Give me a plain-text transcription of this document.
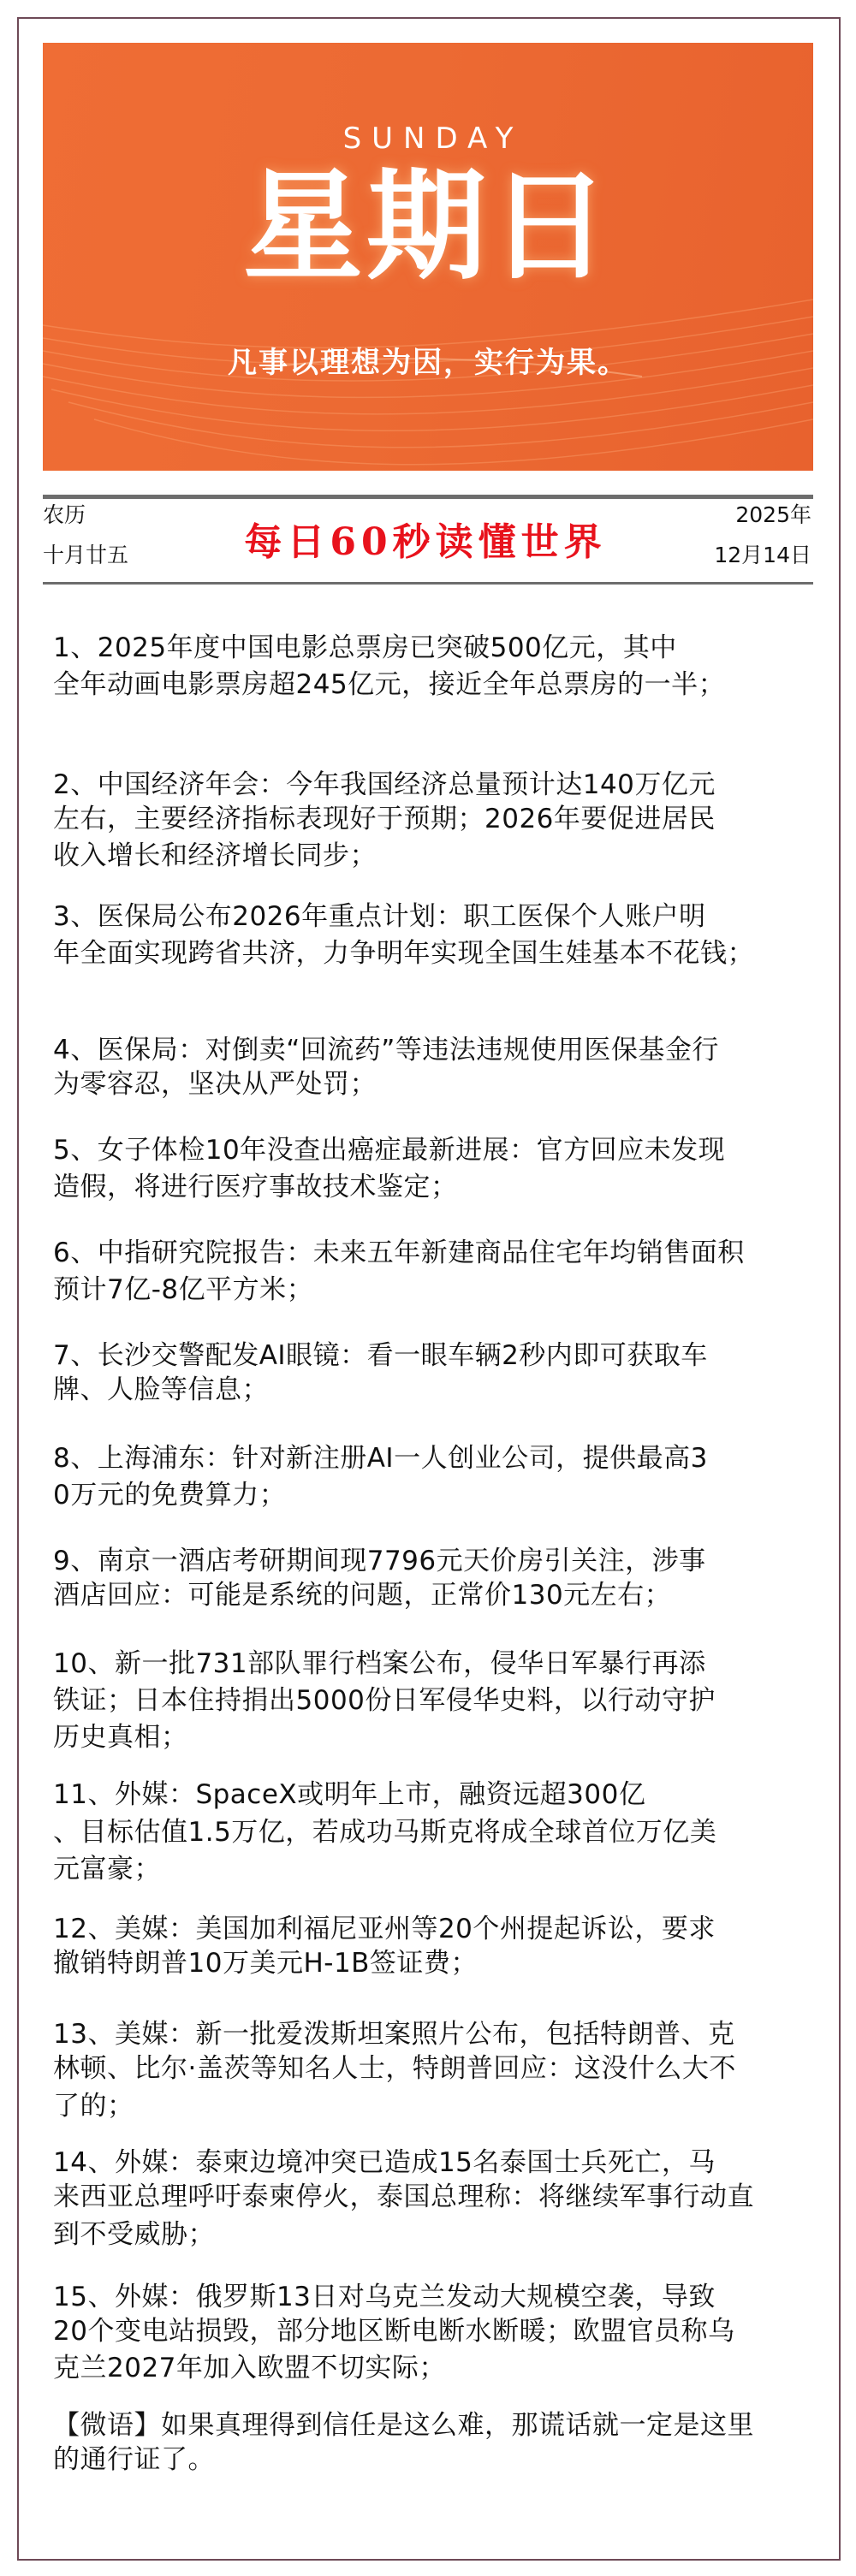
SUNDAY
星期日
凡事以理想为因，实行为果。
农历
十月廿五	每日60秒读懂世界
2025年
12月14日
1、2025年度中国电影总票房已突破500亿元，其中
全年动画电影票房超245亿元，接近全年总票房的一半；
2、中国经济年会：今年我国经济总量预计达140万亿元
左右，主要经济指标表现好于预期；2026年要促进居民
收入增长和经济增长同步；
3、医保局公布2026年重点计划：职工医保个人账户明
年全面实现跨省共济，力争明年实现全国生娃基本不花钱；
4、医保局：对倒卖“回流药”等违法违规使用医保基金行
为零容忍，坚决从严处罚；
5、女子体检10年没查出癌症最新进展：官方回应未发现
造假，将进行医疗事故技术鉴定；
6、中指研究院报告：未来五年新建商品住宅年均销售面积
预计7亿-8亿平方米；
7、长沙交警配发AI眼镜：看一眼车辆2秒内即可获取车
牌、人脸等信息；
8、上海浦东：针对新注册AI一人创业公司，提供最高3
0万元的免费算力；
9、南京一酒店考研期间现7796元天价房引关注，涉事
酒店回应：可能是系统的问题，正常价130元左右；
10、新一批731部队罪行档案公布，侵华日军暴行再添
铁证；日本住持捐出5000份日军侵华史料，以行动守护
历史真相；
11、外媒：SpaceX或明年上市，融资远超300亿
、目标估值1.5万亿，若成功马斯克将成全球首位万亿美
元富豪；
12、美媒：美国加利福尼亚州等20个州提起诉讼，要求
撤销特朗普10万美元H-1B签证费；
13、美媒：新一批爱泼斯坦案照片公布，包括特朗普、克
林顿、比尔·盖茨等知名人士，特朗普回应：这没什么大不
了的；
14、外媒：泰柬边境冲突已造成15名泰国士兵死亡，马
来西亚总理呼吁泰柬停火，泰国总理称：将继续军事行动直
到不受威胁；
15、外媒：俄罗斯13日对乌克兰发动大规模空袭，导致
20个变电站损毁，部分地区断电断水断暖；欧盟官员称乌
克兰2027年加入欧盟不切实际；
【微语】如果真理得到信任是这么难，那谎话就一定是这里
的通行证了。
